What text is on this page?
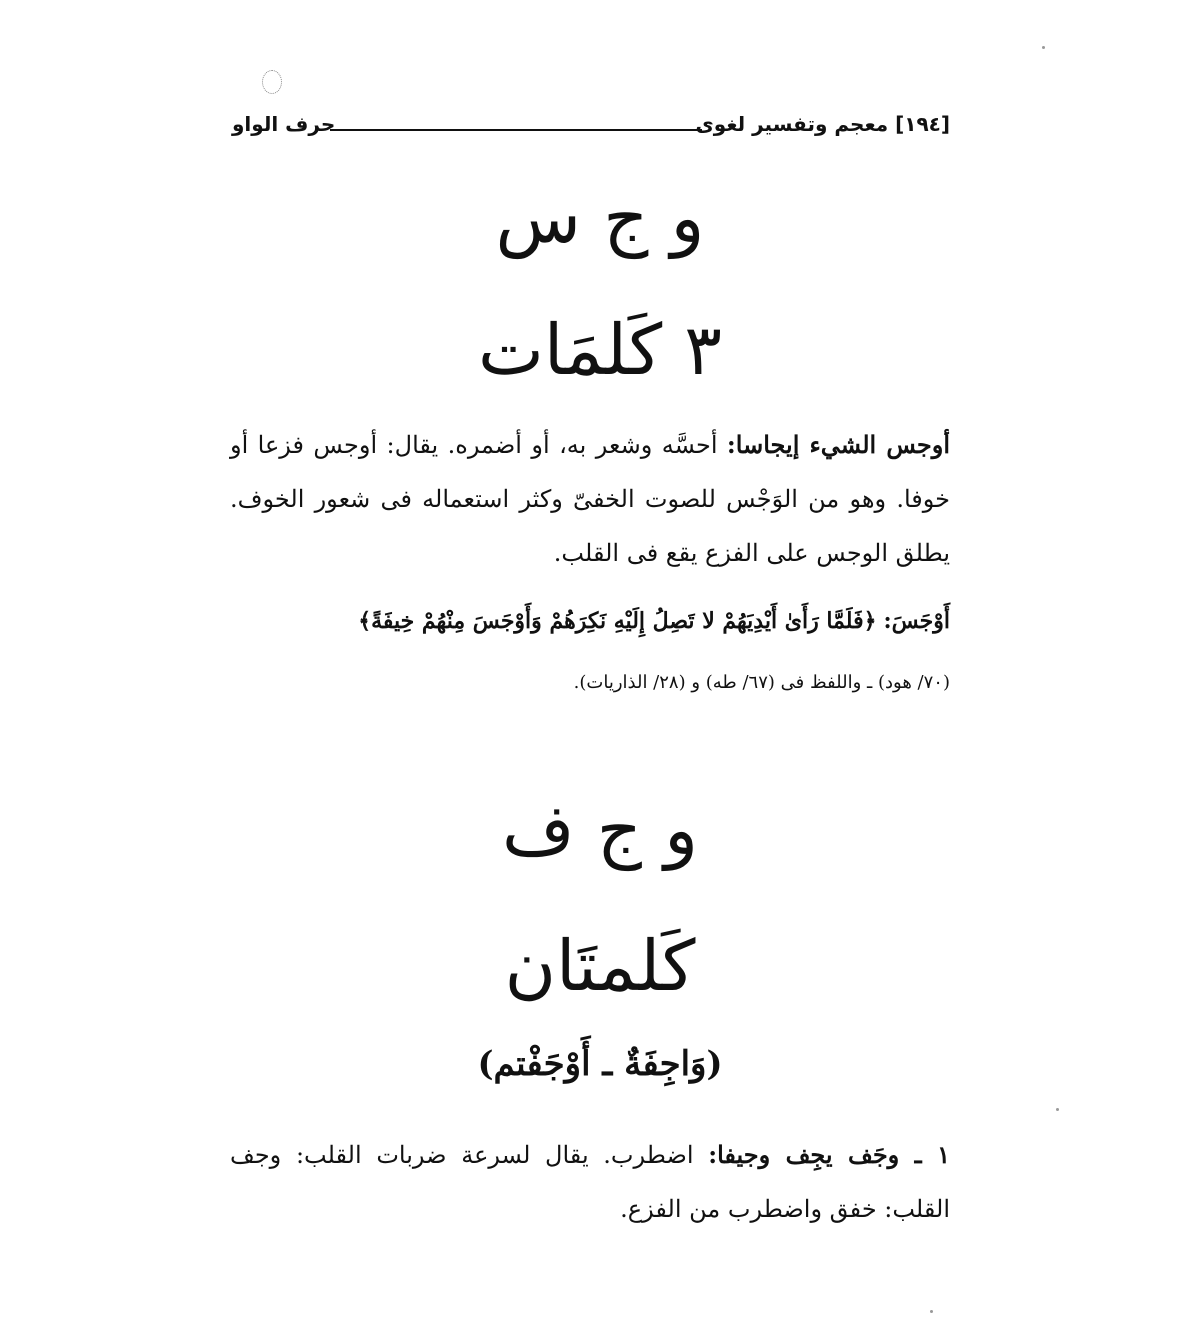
[١٩٤] معجم وتفسير لغوى
حرف الواو
و ج س
٣ كَلمَات
أوجس الشيء إيجاسا: أحسَّه وشعر به، أو أضمره. يقال: أوجس فزعا أو خوفا. وهو من الوَجْس للصوت الخفىّ وكثر استعماله فى شعور الخوف. يطلق الوجس على الفزع يقع فى القلب.
أَوْجَسَ: ﴿فَلَمَّا رَأَىٰ أَيْدِيَهُمْ لا تَصِلُ إِلَيْهِ نَكِرَهُمْ وَأَوْجَسَ مِنْهُمْ خِيفَةً﴾
(٧٠/ هود) ـ واللفظ فى (٦٧/ طه) و (٢٨/ الذاريات).
و ج ف
كَلمتَان
(وَاجِفَةٌ ـ أَوْجَفْتم)
١ ـ وجَف يجِف وجيفا: اضطرب. يقال لسرعة ضربات القلب: وجف القلب: خفق واضطرب من الفزع.
